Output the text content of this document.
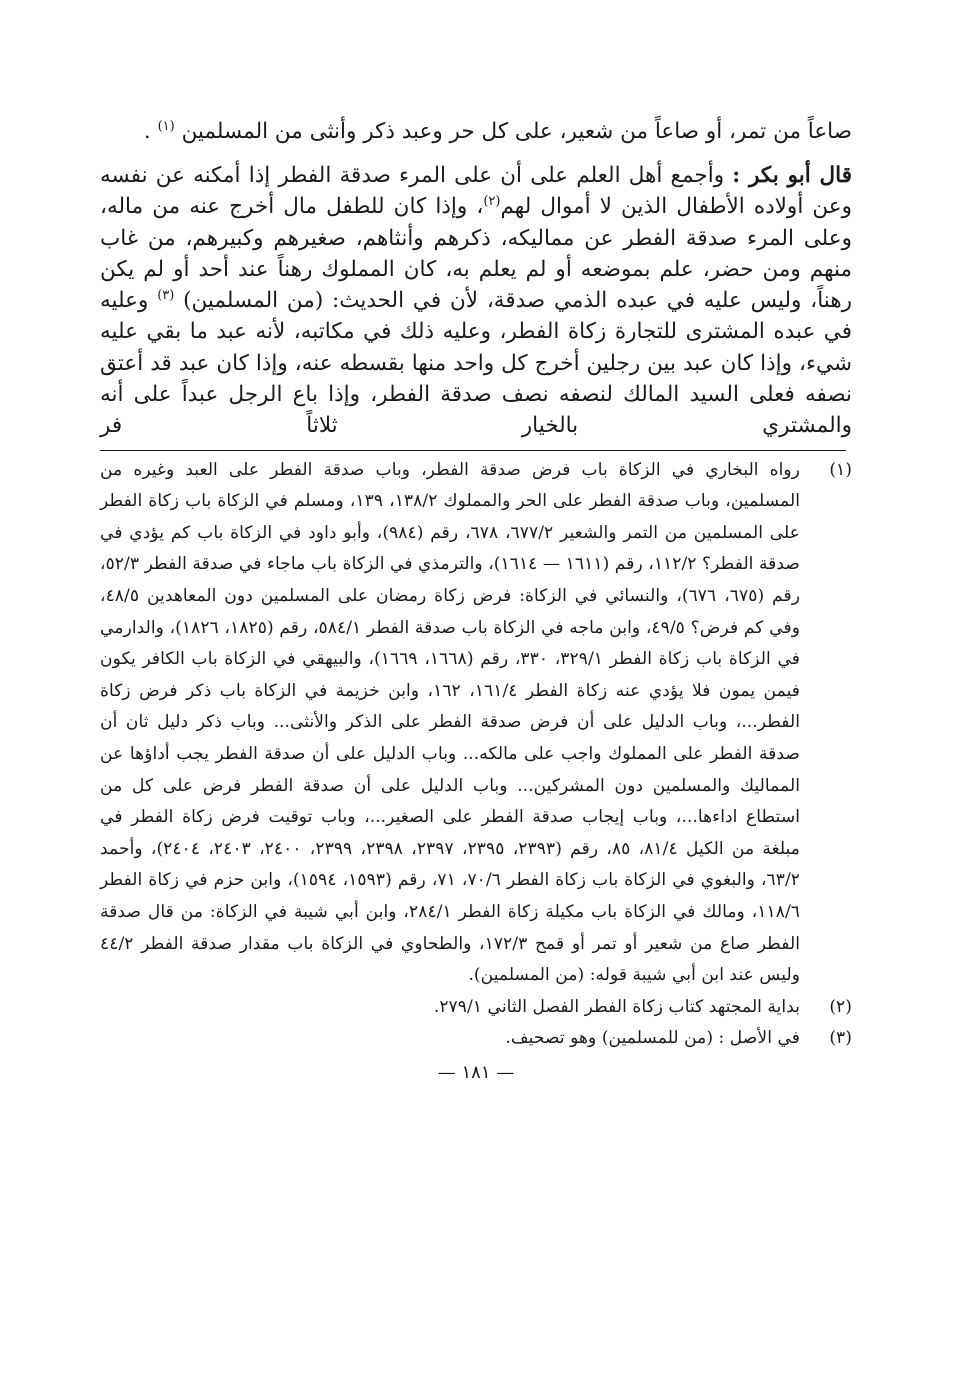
صاعاً من تمر، أو صاعاً من شعير، على كل حر وعبد ذكر وأنثى من المسلمين $^{(١)}$ .

قال أبو بكر : وأجمع أهل العلم على أن على المرء صدقة الفطر إذا أمكنه عن نفسه وعن أولاده الأطفال الذين لا أموال لهم$^{(٢)}$، وإذا كان للطفل مال أخرج عنه من ماله، وعلى المرء صدقة الفطر عن مماليكه، ذكرهم وأنثاهم، صغيرهم وكبيرهم، من غاب منهم ومن حضر، علم بموضعه أو لم يعلم به، كان المملوك رهناً عند أحد أو لم يكن رهناً، وليس عليه في عبده الذمي صدقة، لأن في الحديث: (من المسلمين) $^{(٣)}$ وعليه في عبده المشترى للتجارة زكاة الفطر، وعليه ذلك في مكاتبه، لأنه عبد ما بقي عليه شيء، وإذا كان عبد بين رجلين أخرج كل واحد منها بقسطه عنه، وإذا كان عبد قد أعتق نصفه فعلى السيد المالك لنصفه نصف صدقة الفطر، وإذا باع الرجل عبداً على أنه والمشتري بالخيار ثلاثاً فر

(١)
رواه البخاري في الزكاة باب فرض صدقة الفطر، وباب صدقة الفطر على العبد وغيره من المسلمين، وباب صدقة الفطر على الحر والمملوك ١٣٨/٢، ١٣٩، ومسلم في الزكاة باب زكاة الفطر على المسلمين من التمر والشعير ٦٧٧/٢، ٦٧٨، رقم (٩٨٤)، وأبو داود في الزكاة باب كم يؤدي في صدقة الفطر؟ ١١٢/٢، رقم (١٦١١ — ١٦١٤)، والترمذي في الزكاة باب ماجاء في صدقة الفطر ٥٢/٣، رقم (٦٧٥، ٦٧٦)، والنسائي في الزكاة: فرض زكاة رمضان على المسلمين دون المعاهدين ٤٨/٥، وفي كم فرض؟ ٤٩/٥، وابن ماجه في الزكاة باب صدقة الفطر ٥٨٤/١، رقم (١٨٢٥، ١٨٢٦)، والدارمي في الزكاة باب زكاة الفطر ٣٢٩/١، ٣٣٠، رقم (١٦٦٨، ١٦٦٩)، والبيهقي في الزكاة باب الكافر يكون فيمن يمون فلا يؤدي عنه زكاة الفطر ١٦١/٤، ١٦٢، وابن خزيمة في الزكاة باب ذكر فرض زكاة الفطر...، وباب الدليل على أن فرض صدقة الفطر على الذكر والأنثى... وباب ذكر دليل ثان أن صدقة الفطر على المملوك واجب على مالكه... وباب الدليل على أن صدقة الفطر يجب أداؤها عن المماليك والمسلمين دون المشركين... وباب الدليل على أن صدقة الفطر فرض على كل من استطاع اداءها...، وباب إيجاب صدقة الفطر على الصغير...، وباب توقيت فرض زكاة الفطر في مبلغة من الكيل ٨١/٤، ٨٥، رقم (٢٣٩٣، ٢٣٩٥، ٢٣٩٧، ٢٣٩٨، ٢٣٩٩، ٢٤٠٠، ٢٤٠٣، ٢٤٠٤)، وأحمد ٦٣/٢، والبغوي في الزكاة باب زكاة الفطر ٧٠/٦، ٧١، رقم (١٥٩٣، ١٥٩٤)، وابن حزم في زكاة الفطر ١١٨/٦، ومالك في الزكاة باب مكيلة زكاة الفطر ٢٨٤/١، وابن أبي شيبة في الزكاة: من قال صدقة الفطر صاع من شعير أو تمر أو قمح ١٧٢/٣، والطحاوي في الزكاة باب مقدار صدقة الفطر ٤٤/٢ وليس عند ابن أبي شيبة قوله: (من المسلمين).
(٢)
بداية المجتهد كتاب زكاة الفطر الفصل الثاني ٢٧٩/١.
(٣)
في الأصل : (من للمسلمين) وهو تصحيف.
— ١٨١ —
